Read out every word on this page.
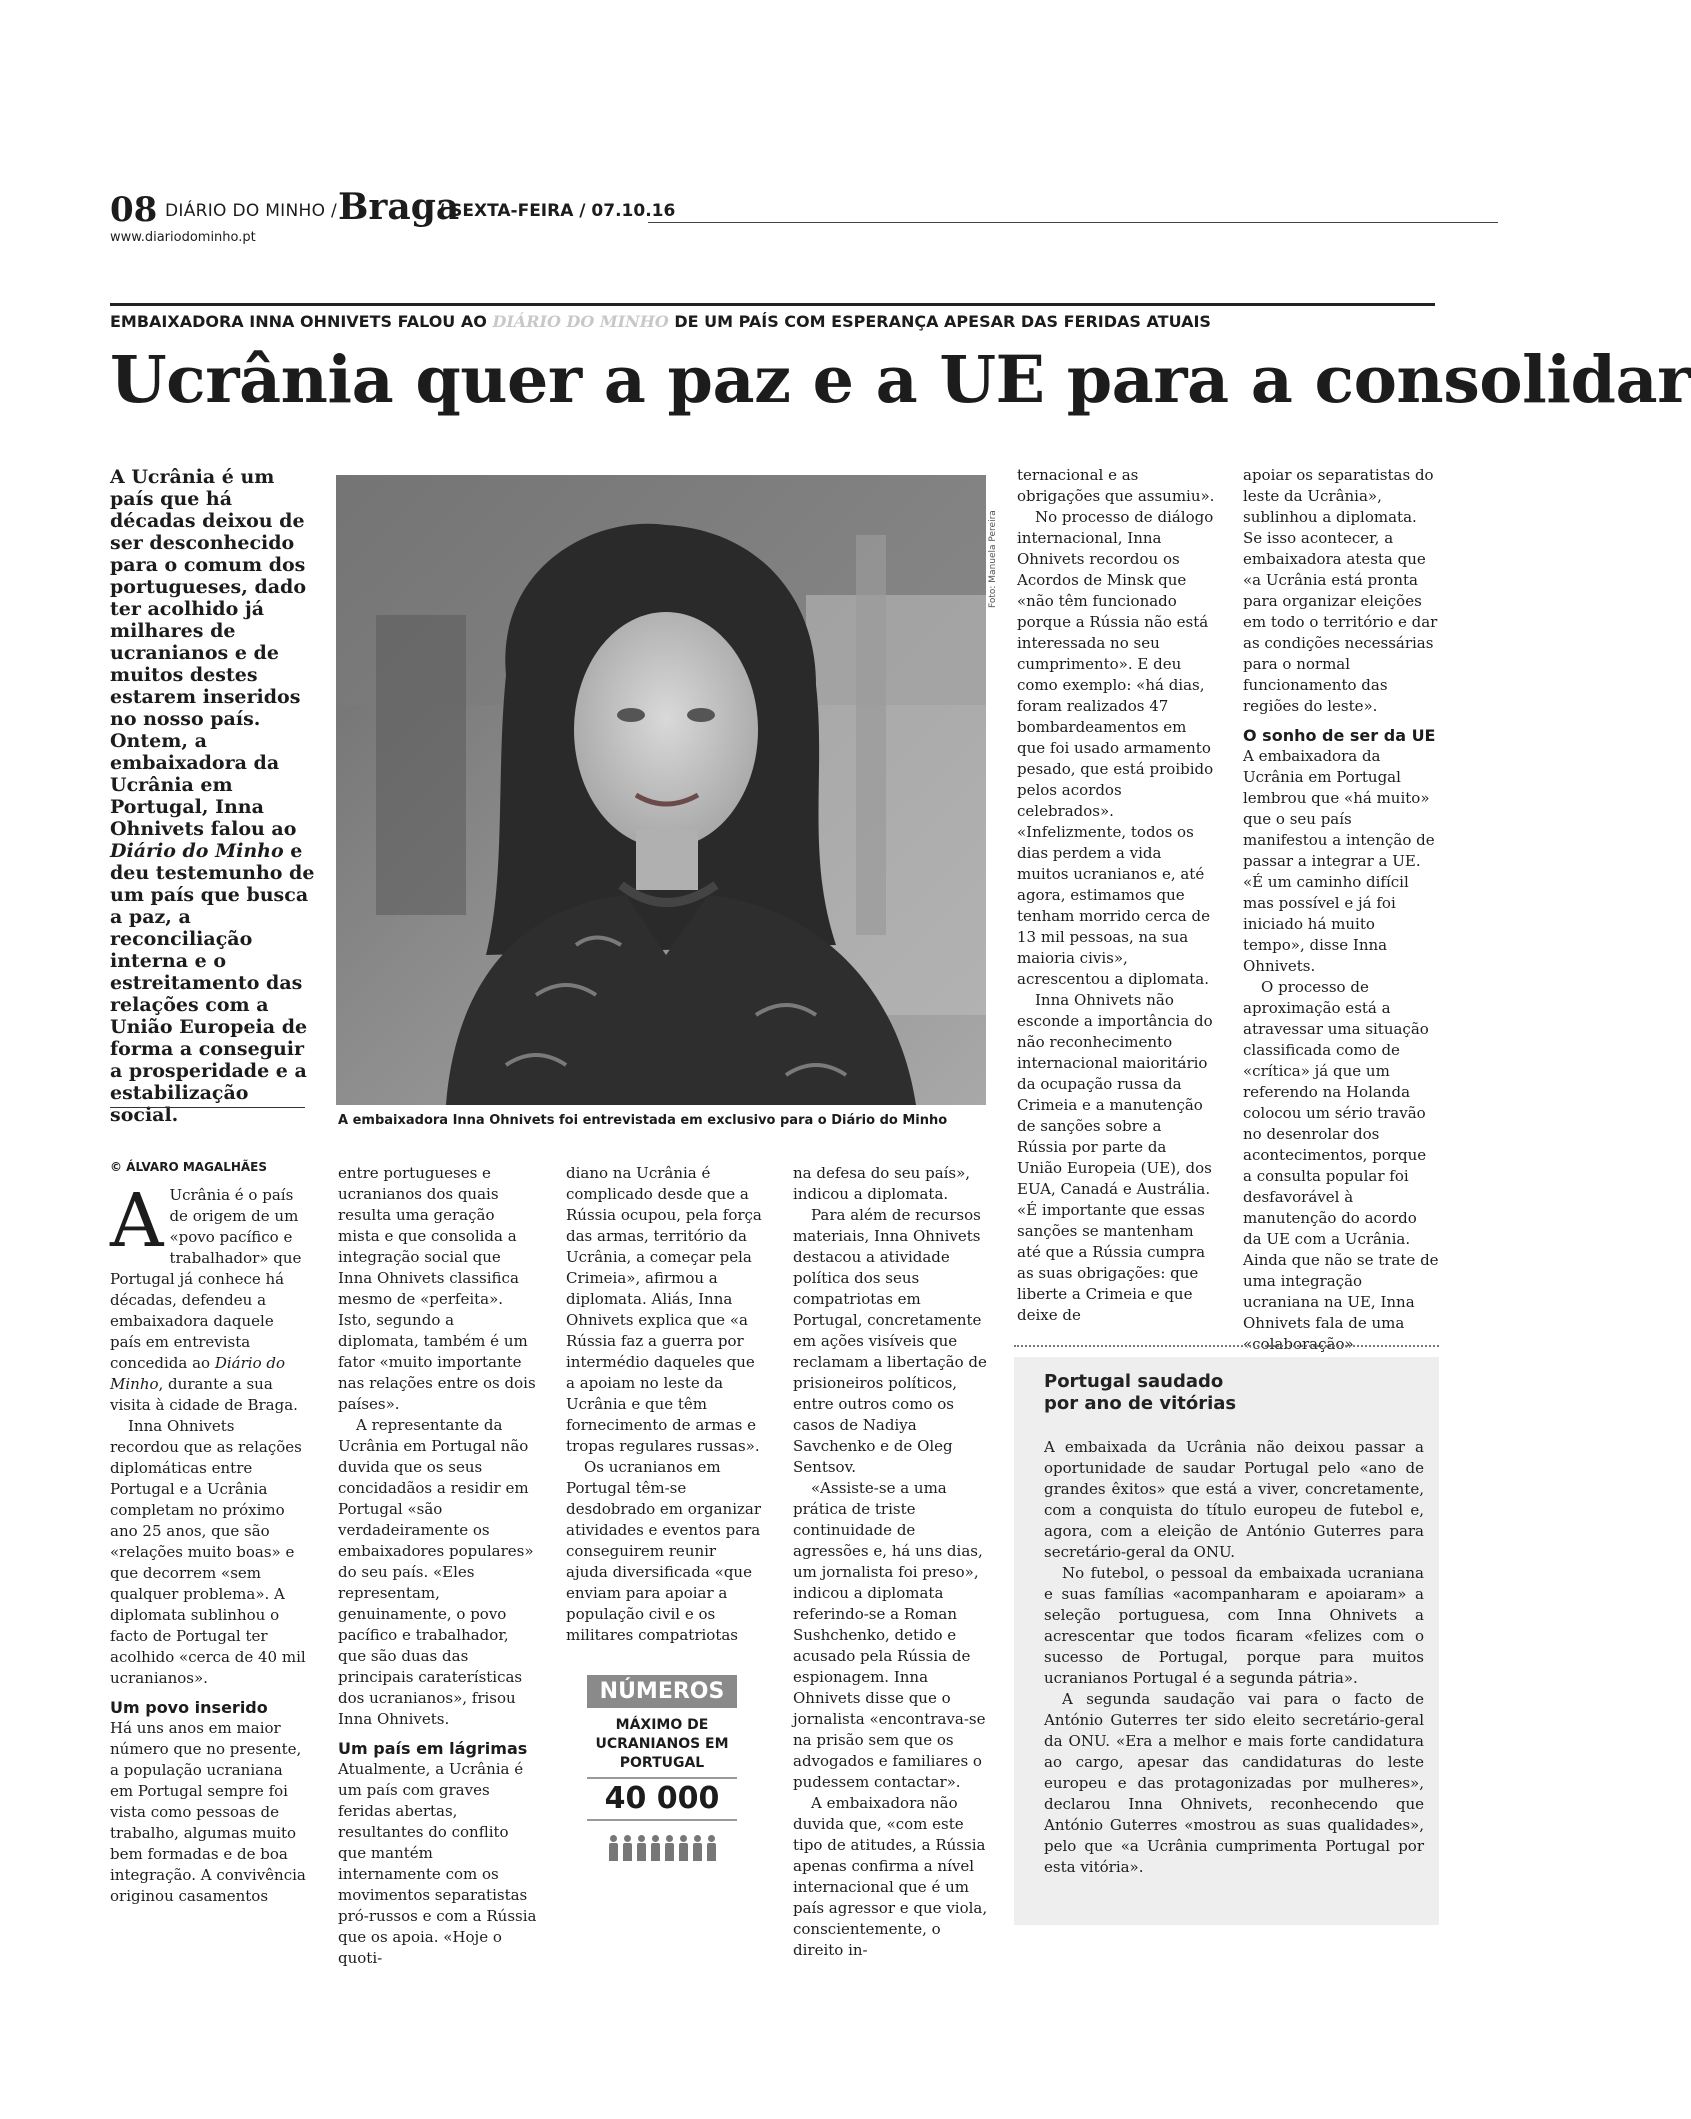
08 DIÁRIO DO MINHO / Braga
/ SEXTA-FEIRA / 07.10.16
www.diariodominho.pt
EMBAIXADORA INNA OHNIVETS FALOU AO DIÁRIO DO MINHO DE UM PAÍS COM ESPERANÇA APESAR DAS FERIDAS ATUAIS
Ucrânia quer a paz e a UE para a consolidar
A Ucrânia é um país que há décadas deixou de ser desconhecido para o comum dos portugueses, dado ter acolhido já milhares de ucranianos e de muitos destes estarem inseridos no nosso país. Ontem, a embaixadora da Ucrânia em Portugal, Inna Ohnivets falou ao Diário do Minho e deu testemunho de um país que busca a paz, a reconciliação interna e o estreitamento das relações com a União Europeia de forma a conseguir a prosperidade e a estabilização social.
Foto: Manuela Pereira
A embaixadora Inna Ohnivets foi entrevistada em exclusivo para o Diário do Minho
© ÁLVARO MAGALHÃES

A Ucrânia é o país de origem de um «povo pacífico e trabalhador» que Portugal já conhece há décadas, defendeu a embaixadora daquele país em entrevista concedida ao Diário do Minho, durante a sua visita à cidade de Braga.

Inna Ohnivets recordou que as relações diplomáticas entre Portugal e a Ucrânia completam no próximo ano 25 anos, que são «relações muito boas» e que decorrem «sem qualquer problema». A diplomata sublinhou o facto de Portugal ter acolhido «cerca de 40 mil ucranianos».

Um povo inserido

Há uns anos em maior número que no presente, a população ucraniana em Portugal sempre foi vista como pessoas de trabalho, algumas muito bem formadas e de boa integração. A convivência originou casamentos

entre portugueses e ucranianos dos quais resulta uma geração mista e que consolida a integração social que Inna Ohnivets classifica mesmo de «perfeita». Isto, segundo a diplomata, também é um fator «muito importante nas relações entre os dois países».

A representante da Ucrânia em Portugal não duvida que os seus concidadãos a residir em Portugal «são verdadeiramente os embaixadores populares» do seu país. «Eles representam, genuinamente, o povo pacífico e trabalhador, que são duas das principais caraterísticas dos ucranianos», frisou Inna Ohnivets.

Um país em lágrimas

Atualmente, a Ucrânia é um país com graves feridas abertas, resultantes do conflito que mantém internamente com os movimentos separatistas pró-russos e com a Rússia que os apoia. «Hoje o quoti-

diano na Ucrânia é complicado desde que a Rússia ocupou, pela força das armas, território da Ucrânia, a começar pela Crimeia», afirmou a diplomata. Aliás, Inna Ohnivets explica que «a Rússia faz a guerra por intermédio daqueles que a apoiam no leste da Ucrânia e que têm fornecimento de armas e tropas regulares russas».

Os ucranianos em Portugal têm-se desdobrado em organizar atividades e eventos para conseguirem reunir ajuda diversificada «que enviam para apoiar a população civil e os militares compatriotas

NÚMEROS
MÁXIMO DE UCRANIANOS EM PORTUGAL
40 000

na defesa do seu país», indicou a diplomata.

Para além de recursos materiais, Inna Ohnivets destacou a atividade política dos seus compatriotas em Portugal, concretamente em ações visíveis que reclamam a libertação de prisioneiros políticos, entre outros como os casos de Nadiya Savchenko e de Oleg Sentsov.

«Assiste-se a uma prática de triste continuidade de agressões e, há uns dias, um jornalista foi preso», indicou a diplomata referindo-se a Roman Sushchenko, detido e acusado pela Rússia de espionagem. Inna Ohnivets disse que o jornalista «encontrava-se na prisão sem que os advogados e familiares o pudessem contactar».

A embaixadora não duvida que, «com este tipo de atitudes, a Rússia apenas confirma a nível internacional que é um país agressor e que viola, conscientemente, o direito in-

ternacional e as obrigações que assumiu».

No processo de diálogo internacional, Inna Ohnivets recordou os Acordos de Minsk que «não têm funcionado porque a Rússia não está interessada no seu cumprimento». E deu como exemplo: «há dias, foram realizados 47 bombardeamentos em que foi usado armamento pesado, que está proibido pelos acordos celebrados». «Infelizmente, todos os dias perdem a vida muitos ucranianos e, até agora, estimamos que tenham morrido cerca de 13 mil pessoas, na sua maioria civis», acrescentou a diplomata.

Inna Ohnivets não esconde a importância do não reconhecimento internacional maioritário da ocupação russa da Crimeia e a manutenção de sanções sobre a Rússia por parte da União Europeia (UE), dos EUA, Canadá e Austrália. «É importante que essas sanções se mantenham até que a Rússia cumpra as suas obrigações: que liberte a Crimeia e que deixe de

apoiar os separatistas do leste da Ucrânia», sublinhou a diplomata. Se isso acontecer, a embaixadora atesta que «a Ucrânia está pronta para organizar eleições em todo o território e dar as condições necessárias para o normal funcionamento das regiões do leste».

O sonho de ser da UE

A embaixadora da Ucrânia em Portugal lembrou que «há muito» que o seu país manifestou a intenção de passar a integrar a UE. «É um caminho difícil mas possível e já foi iniciado há muito tempo», disse Inna Ohnivets.

O processo de aproximação está a atravessar uma situação classificada como de «crítica» já que um referendo na Holanda colocou um sério travão no desenrolar dos acontecimentos, porque a consulta popular foi desfavorável à manutenção do acordo da UE com a Ucrânia. Ainda que não se trate de uma integração ucraniana na UE, Inna Ohnivets fala de uma «colaboração»

Portugal saudado por ano de vitórias

A embaixada da Ucrânia não deixou passar a oportunidade de saudar Portugal pelo «ano de grandes êxitos» que está a viver, concretamente, com a conquista do título europeu de futebol e, agora, com a eleição de António Guterres para secretário-geral da ONU.

No futebol, o pessoal da embaixada ucraniana e suas famílias «acompanharam e apoiaram» a seleção portuguesa, com Inna Ohnivets a acrescentar que todos ficaram «felizes com o sucesso de Portugal, porque para muitos ucranianos Portugal é a segunda pátria».

A segunda saudação vai para o facto de António Guterres ter sido eleito secretário-geral da ONU. «Era a melhor e mais forte candidatura ao cargo, apesar das candidaturas do leste europeu e das protagonizadas por mulheres», declarou Inna Ohnivets, reconhecendo que António Guterres «mostrou as suas qualidades», pelo que «a Ucrânia cumprimenta Portugal por esta vitória».
